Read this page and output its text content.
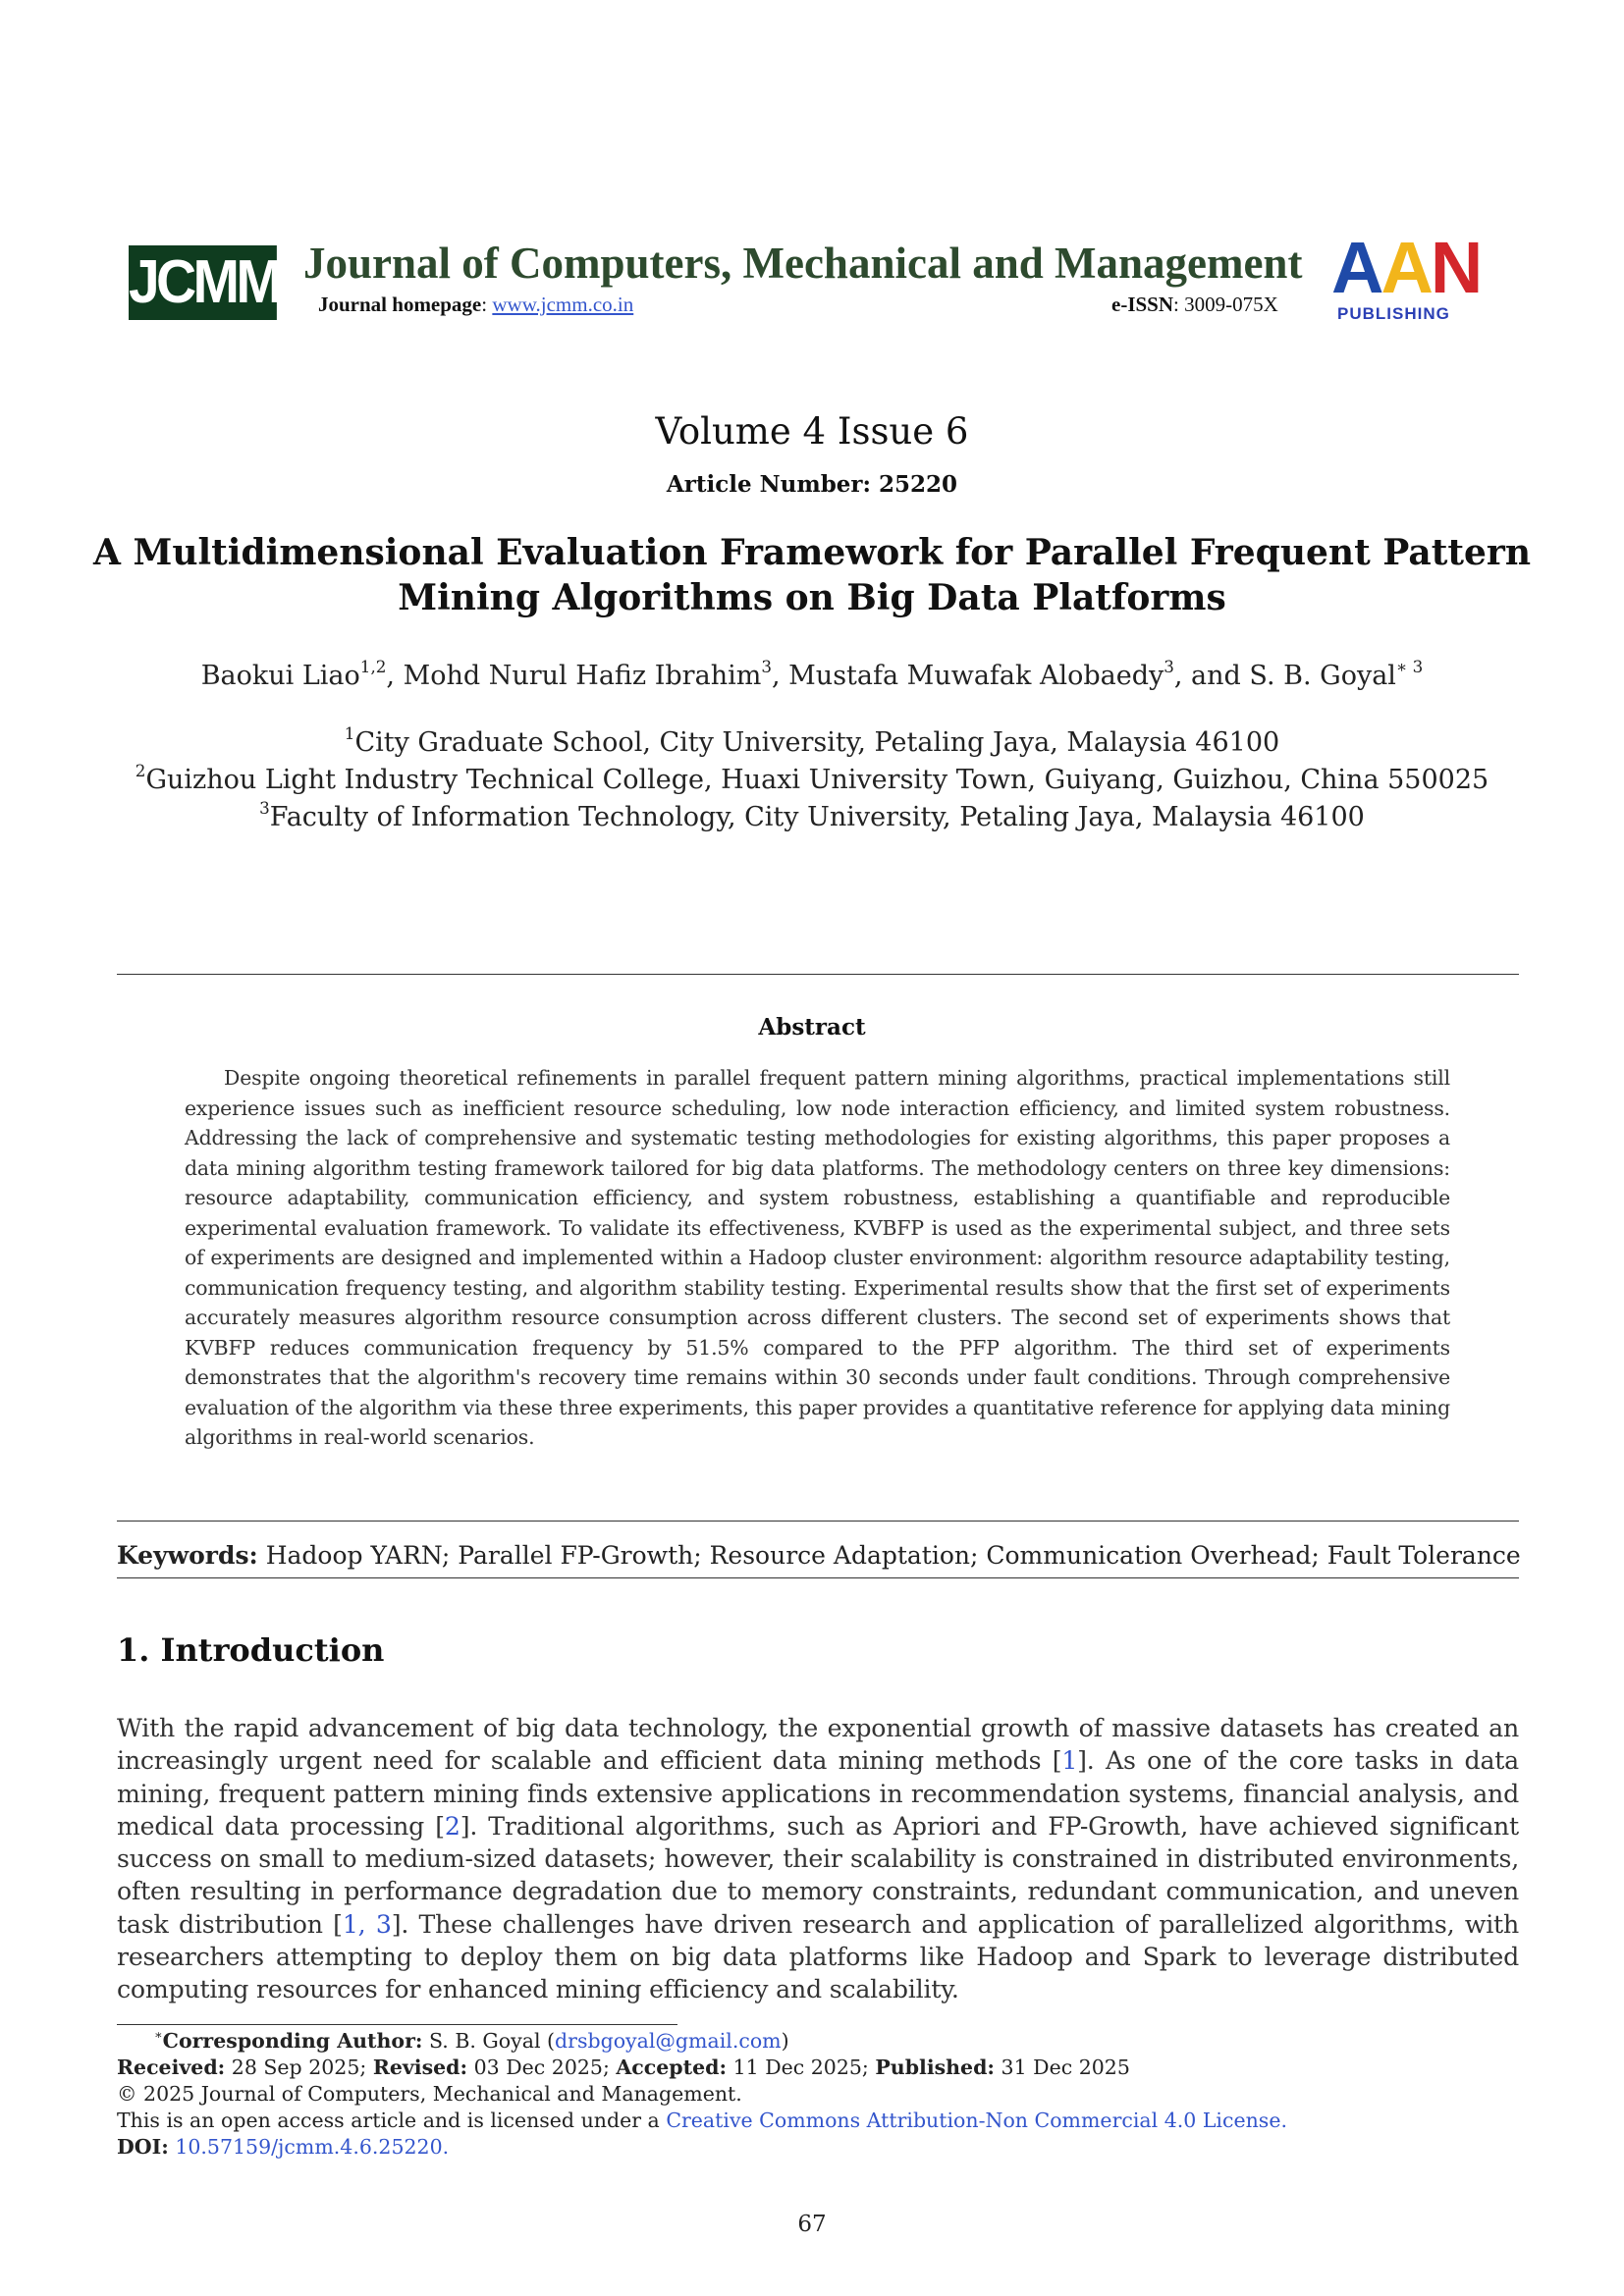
JCMM Journal of Computers, Mechanical and Management
Journal homepage: www.jcmm.co.in	e-ISSN: 3009-075X AAN
PUBLISHING
Volume 4 Issue 6
Article Number: 25220
A Multidimensional Evaluation Framework for Parallel Frequent Pattern
Mining Algorithms on Big Data Platforms
Baokui Liao$^{1,2}$, Mohd Nurul Hafiz Ibrahim$^3$, Mustafa Muwafak Alobaedy$^3$, and S. B. Goyal$^{∗ 3}$
$^1$City Graduate School, City University, Petaling Jaya, Malaysia 46100
$^2$Guizhou Light Industry Technical College, Huaxi University Town, Guiyang, Guizhou, China 550025
$^3$Faculty of Information Technology, City University, Petaling Jaya, Malaysia 46100
Abstract
Despite ongoing theoretical refinements in parallel frequent pattern mining algorithms, practical implementations still experience issues such as inefficient resource scheduling, low node interaction efficiency, and limited system robustness. Addressing the lack of comprehensive and systematic testing methodologies for existing algorithms, this paper proposes a data mining algorithm testing framework tailored for big data platforms. The methodology centers on three key dimensions: resource adaptability, communication efficiency, and system robustness, establishing a quantifiable and reproducible experimental evaluation framework. To validate its effectiveness, KVBFP is used as the experimental subject, and three sets of experiments are designed and implemented within a Hadoop cluster environment: algorithm resource adaptability testing, communication frequency testing, and algorithm stability testing. Experimental results show that the first set of experiments accurately measures algorithm resource consumption across different clusters. The second set of experiments shows that KVBFP reduces communication frequency by 51.5% compared to the PFP algorithm. The third set of experiments demonstrates that the algorithm's recovery time remains within 30 seconds under fault conditions. Through comprehensive evaluation of the algorithm via these three experiments, this paper provides a quantitative reference for applying data mining algorithms in real-world scenarios.
Keywords: Hadoop YARN; Parallel FP-Growth; Resource Adaptation; Communication Overhead; Fault Tolerance
1. Introduction
With the rapid advancement of big data technology, the exponential growth of massive datasets has created an increasingly urgent need for scalable and efficient data mining methods [1]. As one of the core tasks in data mining, frequent pattern mining finds extensive applications in recommendation systems, financial analysis, and medical data processing [2]. Traditional algorithms, such as Apriori and FP-Growth, have achieved significant success on small to medium-sized datasets; however, their scalability is constrained in distributed environments, often resulting in performance degradation due to memory constraints, redundant communication, and uneven task distribution [1, 3]. These challenges have driven research and application of parallelized algorithms, with researchers attempting to deploy them on big data platforms like Hadoop and Spark to leverage distributed computing resources for enhanced mining efficiency and scalability.
∗Corresponding Author: S. B. Goyal (drsbgoyal@gmail.com)
Received: 28 Sep 2025; Revised: 03 Dec 2025; Accepted: 11 Dec 2025; Published: 31 Dec 2025
© 2025 Journal of Computers, Mechanical and Management.
This is an open access article and is licensed under a Creative Commons Attribution-Non Commercial 4.0 License.
DOI: 10.57159/jcmm.4.6.25220.
67
